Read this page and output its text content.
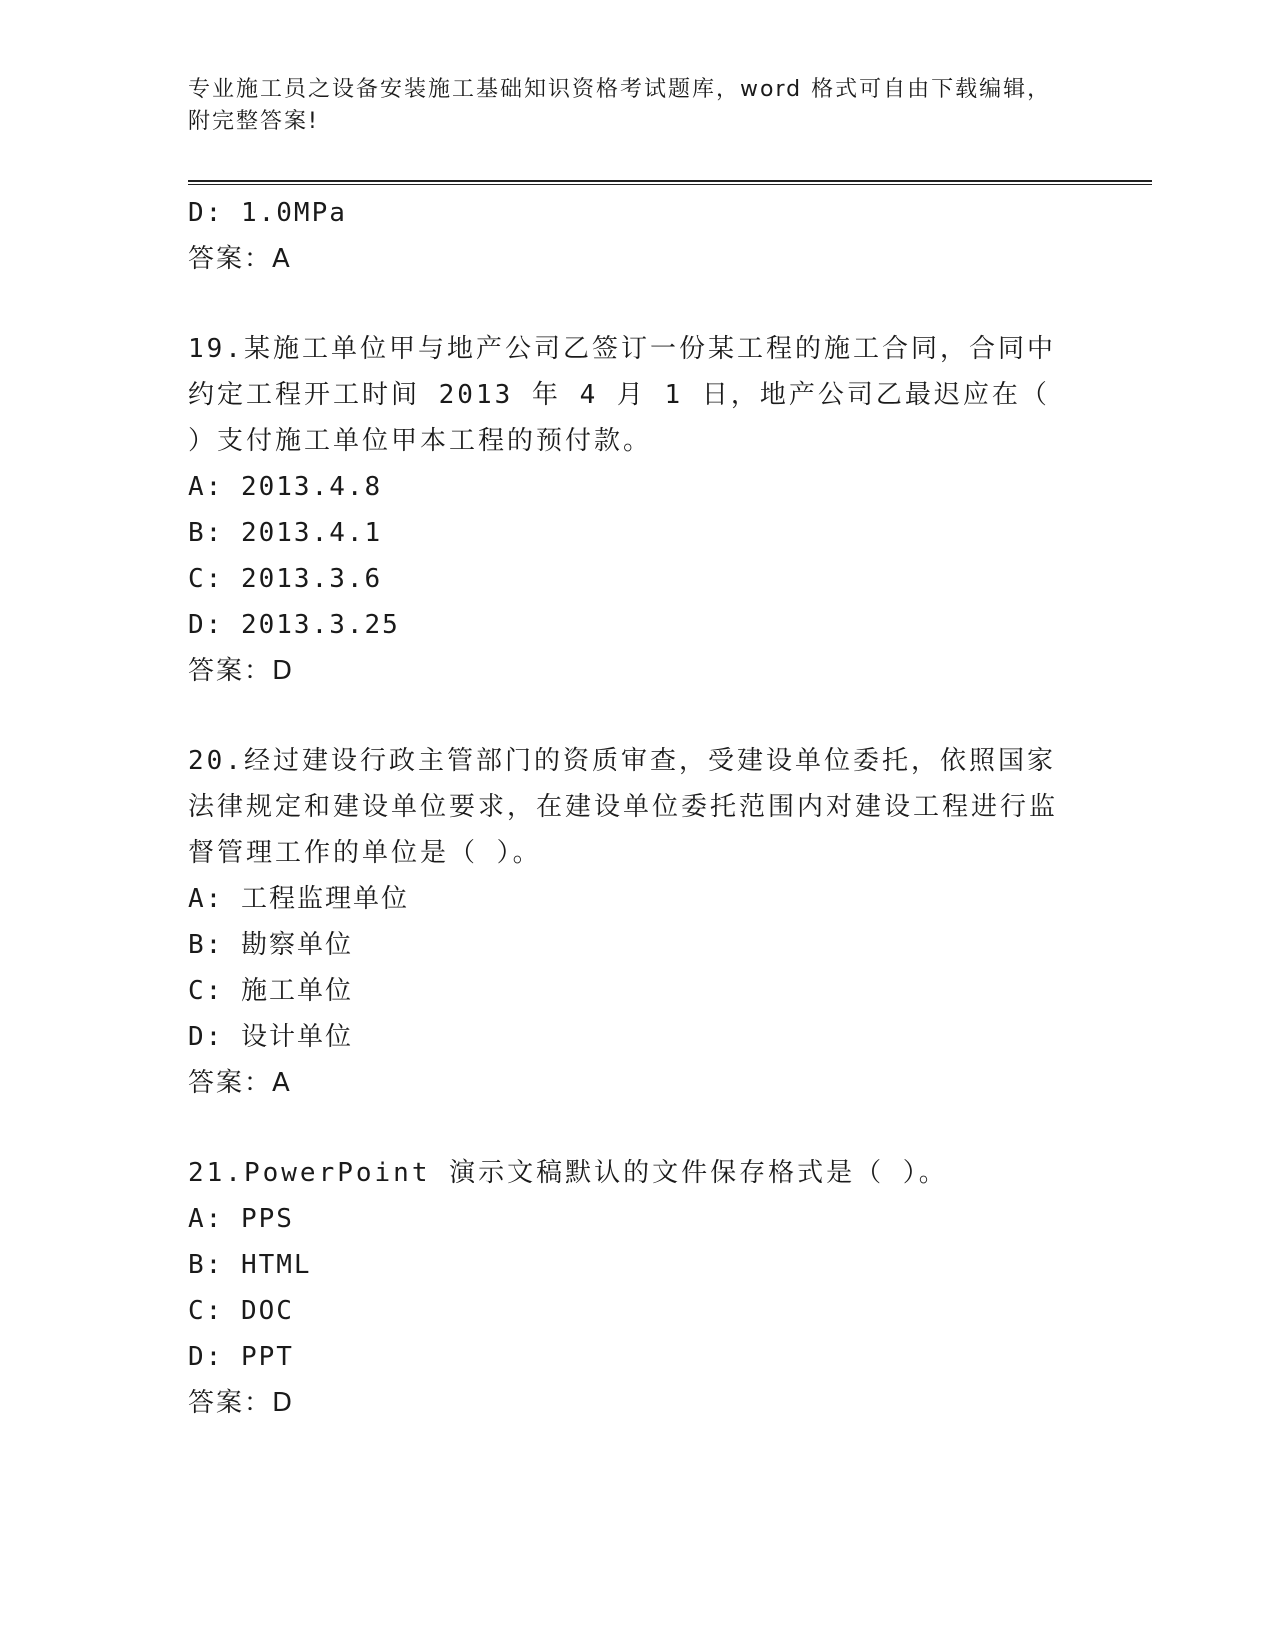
专业施工员之设备安装施工基础知识资格考试题库，word 格式可自由下载编辑，
附完整答案!
D: 1.0MPa
答案：A
19.某施工单位甲与地产公司乙签订一份某工程的施工合同，合同中约定工程开工时间 2013 年 4 月 1 日，地产公司乙最迟应在（ ）支付施工单位甲本工程的预付款。
A: 2013.4.8
B: 2013.4.1
C: 2013.3.6
D: 2013.3.25
答案：D
20.经过建设行政主管部门的资质审查，受建设单位委托，依照国家法律规定和建设单位要求，在建设单位委托范围内对建设工程进行监督管理工作的单位是（ ）。
A: 工程监理单位
B: 勘察单位
C: 施工单位
D: 设计单位
答案：A
21.PowerPoint 演示文稿默认的文件保存格式是（ ）。
A: PPS
B: HTML
C: DOC
D: PPT
答案：D
